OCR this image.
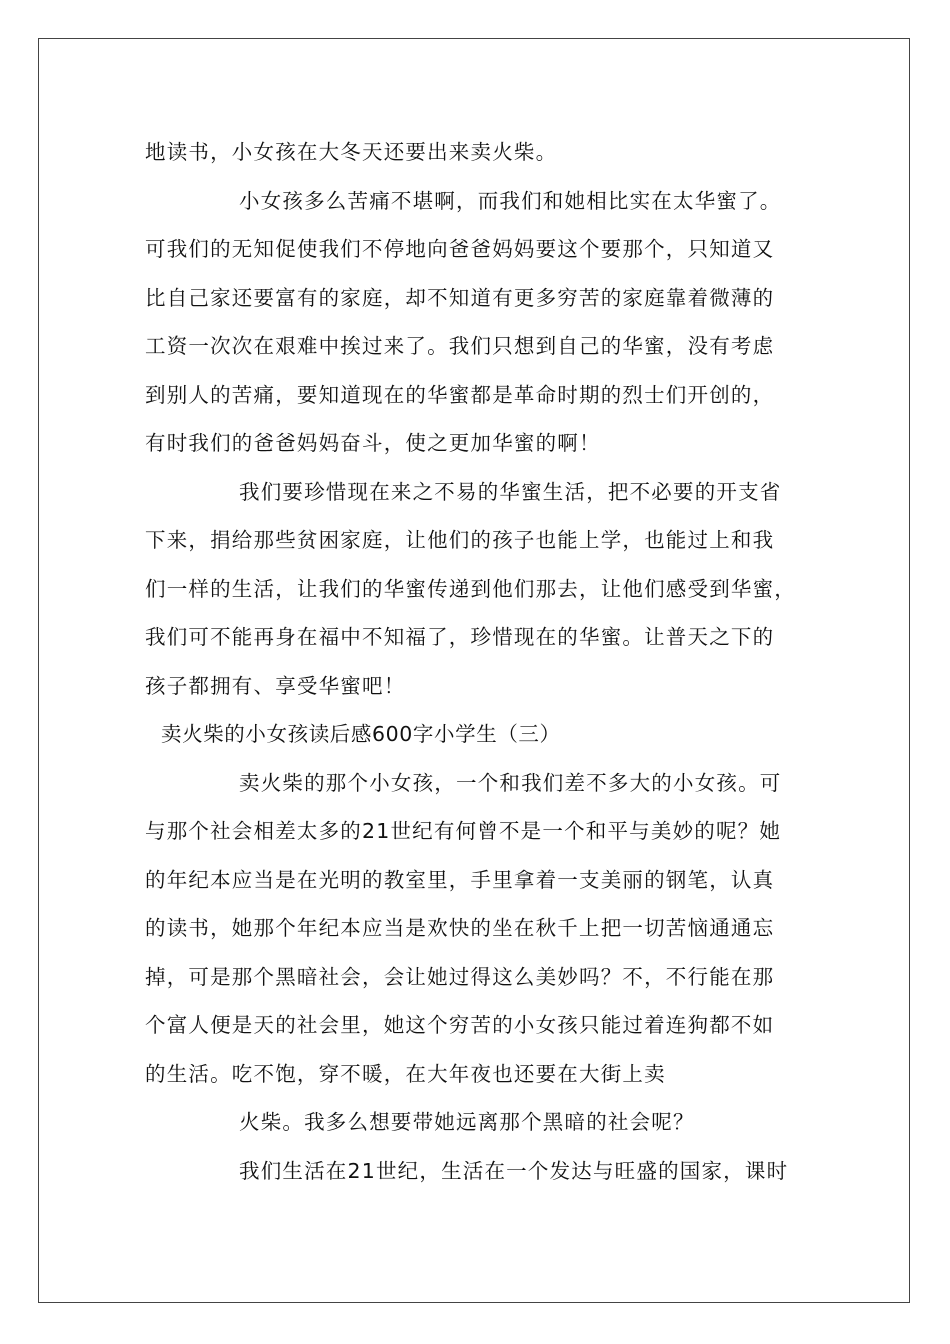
地读书，小女孩在大冬天还要出来卖火柴。
小女孩多么苦痛不堪啊，而我们和她相比实在太华蜜了。
可我们的无知促使我们不停地向爸爸妈妈要这个要那个，只知道又
比自己家还要富有的家庭，却不知道有更多穷苦的家庭靠着微薄的
工资一次次在艰难中挨过来了。我们只想到自己的华蜜，没有考虑
到别人的苦痛，要知道现在的华蜜都是革命时期的烈士们开创的，
有时我们的爸爸妈妈奋斗，使之更加华蜜的啊！
我们要珍惜现在来之不易的华蜜生活，把不必要的开支省
下来，捐给那些贫困家庭，让他们的孩子也能上学，也能过上和我
们一样的生活，让我们的华蜜传递到他们那去，让他们感受到华蜜，
我们可不能再身在福中不知福了，珍惜现在的华蜜。让普天之下的
孩子都拥有、享受华蜜吧！
卖火柴的小女孩读后感600字小学生（三）
卖火柴的那个小女孩，一个和我们差不多大的小女孩。可
与那个社会相差太多的21世纪有何曾不是一个和平与美妙的呢？她
的年纪本应当是在光明的教室里，手里拿着一支美丽的钢笔，认真
的读书，她那个年纪本应当是欢快的坐在秋千上把一切苦恼通通忘
掉，可是那个黑暗社会，会让她过得这么美妙吗？不，不行能在那
个富人便是天的社会里，她这个穷苦的小女孩只能过着连狗都不如
的生活。吃不饱，穿不暖，在大年夜也还要在大街上卖
火柴。我多么想要带她远离那个黑暗的社会呢？
我们生活在21世纪，生活在一个发达与旺盛的国家，课时
